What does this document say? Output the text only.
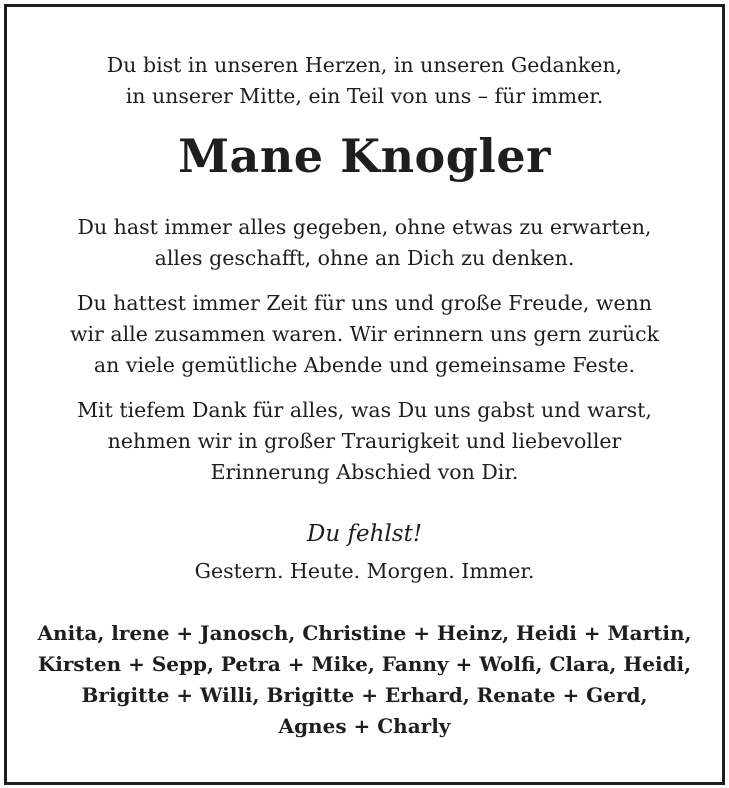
Du bist in unseren Herzen, in unseren Gedanken,
in unserer Mitte, ein Teil von uns – für immer.
Mane Knogler
Du hast immer alles gegeben, ohne etwas zu erwarten,
alles geschafft, ohne an Dich zu denken.
Du hattest immer Zeit für uns und große Freude, wenn
wir alle zusammen waren. Wir erinnern uns gern zurück
an viele gemütliche Abende und gemeinsame Feste.
Mit tiefem Dank für alles, was Du uns gabst und warst,
nehmen wir in großer Traurigkeit und liebevoller
Erinnerung Abschied von Dir.
Du fehlst!
Gestern. Heute. Morgen. Immer.
Anita, lrene + Janosch, Christine + Heinz, Heidi + Martin,
Kirsten + Sepp, Petra + Mike, Fanny + Wolfi, Clara, Heidi,
Brigitte + Willi, Brigitte + Erhard, Renate + Gerd,
Agnes + Charly
